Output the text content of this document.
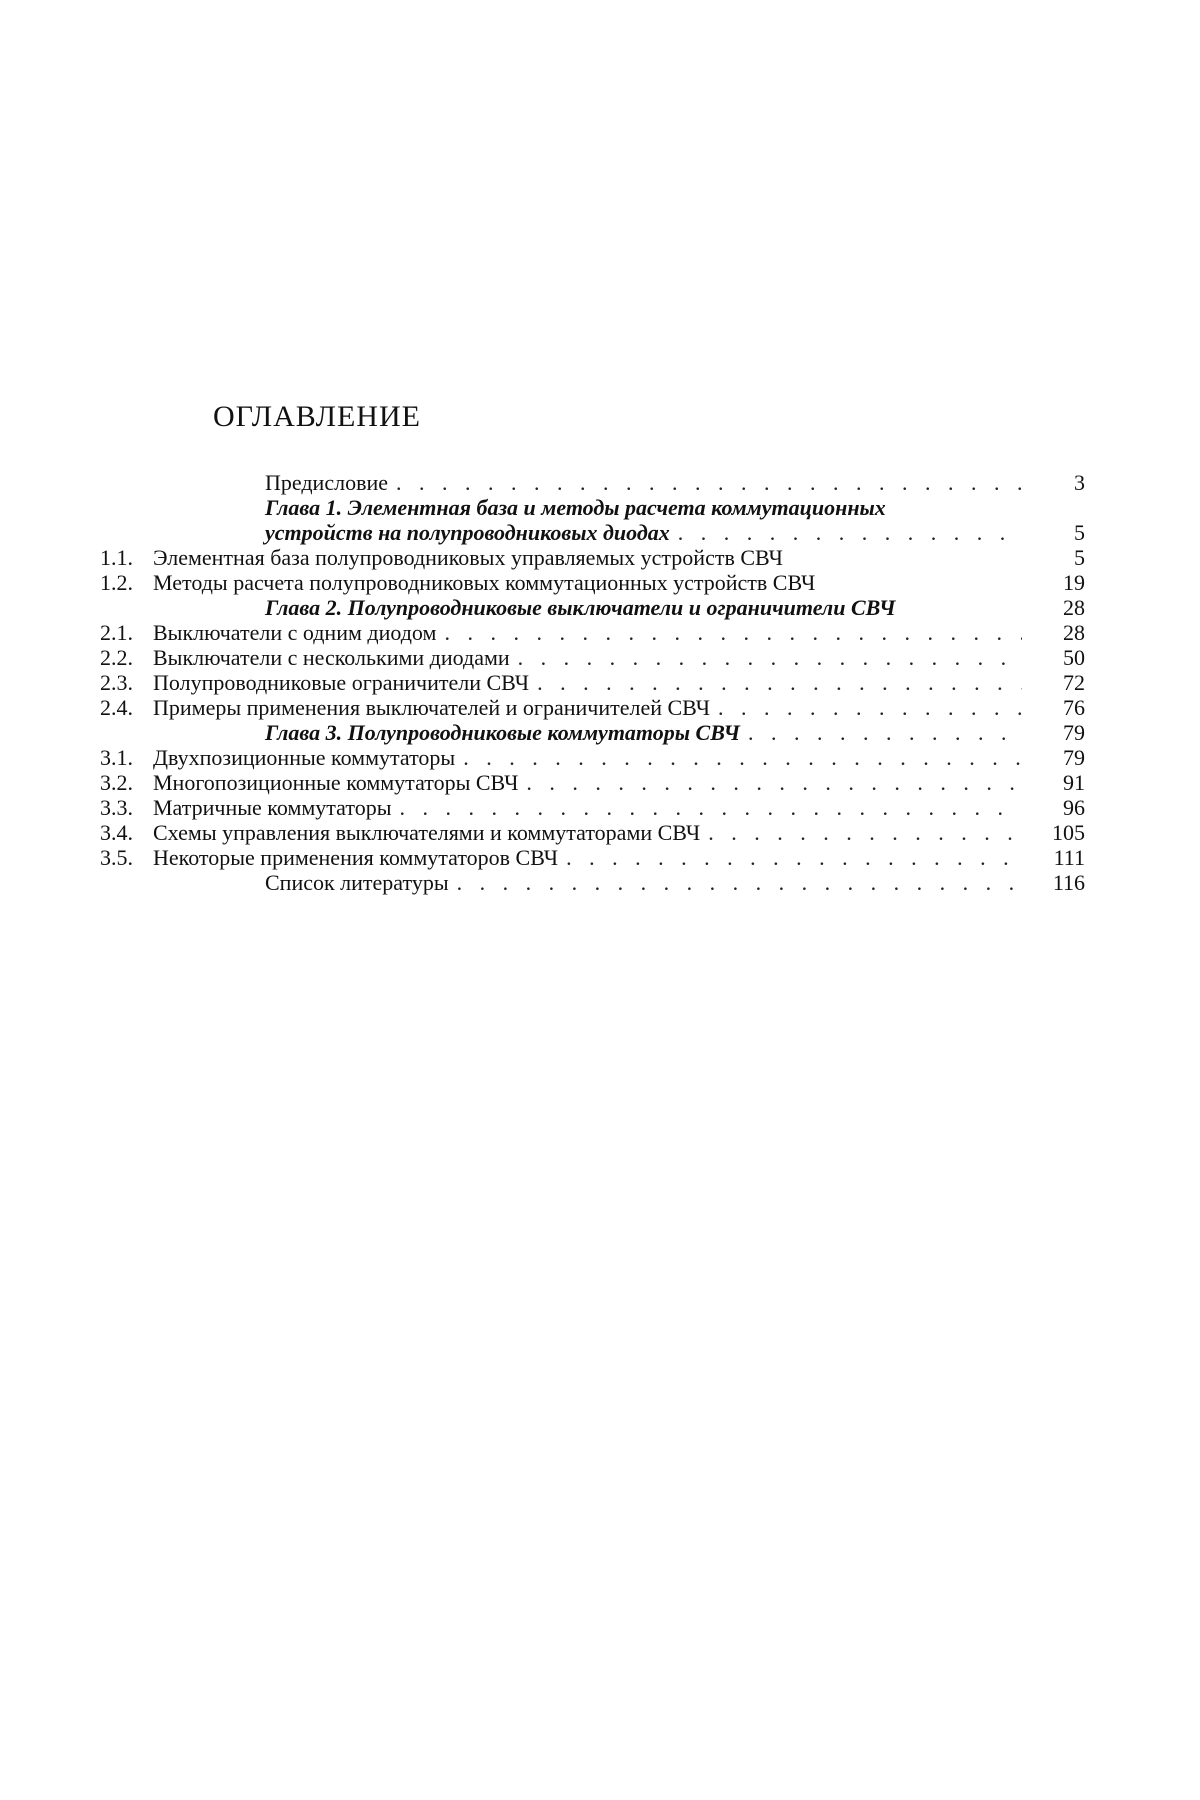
ОГЛАВЛЕНИЕ
Предисловие . . .	3
Глава 1. Элементная база и методы расчета коммутационных
устройств на полупроводниковых диодах . . .	5
1.1. Элементная база полупроводниковых управляемых устройств СВЧ	5
1.2. Методы расчета полупроводниковых коммутационных устройств СВЧ	19
Глава 2. Полупроводниковые выключатели и ограничители СВЧ	28
2.1. Выключатели с одним диодом . . .	28
2.2. Выключатели с несколькими диодами . . .	50
2.3. Полупроводниковые ограничители СВЧ . . .	72
2.4. Примеры применения выключателей и ограничителей СВЧ . . .	76
Глава 3. Полупроводниковые коммутаторы СВЧ . . .	79
3.1. Двухпозиционные коммутаторы . . .	79
3.2. Многопозиционные коммутаторы СВЧ . . .	91
3.3. Матричные коммутаторы . . .	96
3.4. Схемы управления выключателями и коммутаторами СВЧ . . .	105
3.5. Некоторые применения коммутаторов СВЧ . . .	111
Список литературы . . .	116
